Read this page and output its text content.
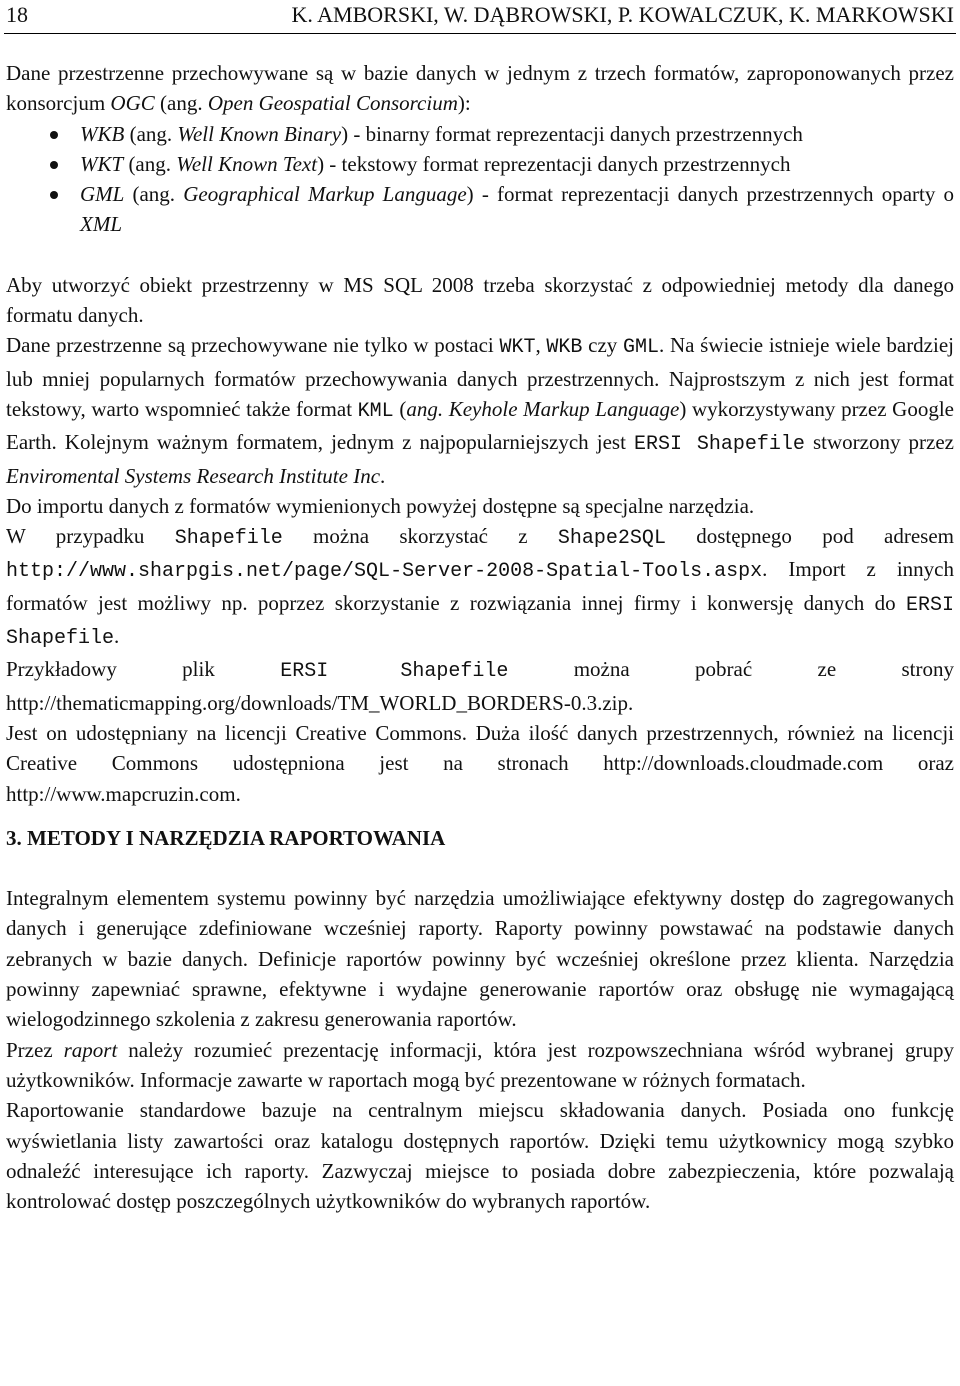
18	K. AMBORSKI, W. DĄBROWSKI, P. KOWALCZUK, K. MARKOWSKI

Dane przestrzenne przechowywane są w bazie danych w jednym z trzech formatów, zaproponowanych przez konsorcjum OGC (ang. Open Geospatial Consorcium):

WKB (ang. Well Known Binary) - binarny format reprezentacji danych przestrzennych
WKT (ang. Well Known Text) - tekstowy format reprezentacji danych przestrzennych
GML (ang. Geographical Markup Language) - format reprezentacji danych przestrzennych oparty o XML

Aby utworzyć obiekt przestrzenny w MS SQL 2008 trzeba skorzystać z odpowiedniej metody dla danego formatu danych.

Dane przestrzenne są przechowywane nie tylko w postaci WKT, WKB czy GML. Na świecie istnieje wiele bardziej lub mniej popularnych formatów przechowywania danych przestrzennych. Najprostszym z nich jest format tekstowy, warto wspomnieć także format KML (ang. Keyhole Markup Language) wykorzystywany przez Google Earth. Kolejnym ważnym formatem, jednym z najpopularniejszych jest ERSI Shapefile stworzony przez Enviromental Systems Research Institute Inc.

Do importu danych z formatów wymienionych powyżej dostępne są specjalne narzędzia.

W przypadku Shapefile można skorzystać z Shape2SQL dostępnego pod adresem http://www.sharpgis.net/page/SQL-Server-2008-Spatial-Tools.aspx. Import z innych formatów jest możliwy np. poprzez skorzystanie z rozwiązania innej firmy i konwersję danych do ERSI Shapefile.

Przykładowy plik ERSI Shapefile można pobrać ze strony http://thematicmapping.org/downloads/TM_WORLD_BORDERS-0.3.zip.

Jest on udostępniany na licencji Creative Commons. Duża ilość danych przestrzennych, również na licencji Creative Commons udostępniona jest na stronach http://downloads.cloudmade.com oraz http://www.mapcruzin.com.

3. METODY I NARZĘDZIA RAPORTOWANIA

Integralnym elementem systemu powinny być narzędzia umożliwiające efektywny dostęp do zagregowanych danych i generujące zdefiniowane wcześniej raporty. Raporty powinny powstawać na podstawie danych zebranych w bazie danych. Definicje raportów powinny być wcześniej określone przez klienta. Narzędzia powinny zapewniać sprawne, efektywne i wydajne generowanie raportów oraz obsługę nie wymagającą wielogodzinnego szkolenia z zakresu generowania raportów.

Przez raport należy rozumieć prezentację informacji, która jest rozpowszechniana wśród wybranej grupy użytkowników. Informacje zawarte w raportach mogą być prezentowane w różnych formatach.

Raportowanie standardowe bazuje na centralnym miejscu składowania danych. Posiada ono funkcję wyświetlania listy zawartości oraz katalogu dostępnych raportów. Dzięki temu użytkownicy mogą szybko odnaleźć interesujące ich raporty. Zazwyczaj miejsce to posiada dobre zabezpieczenia, które pozwalają kontrolować dostęp poszczególnych użytkowników do wybranych raportów.
